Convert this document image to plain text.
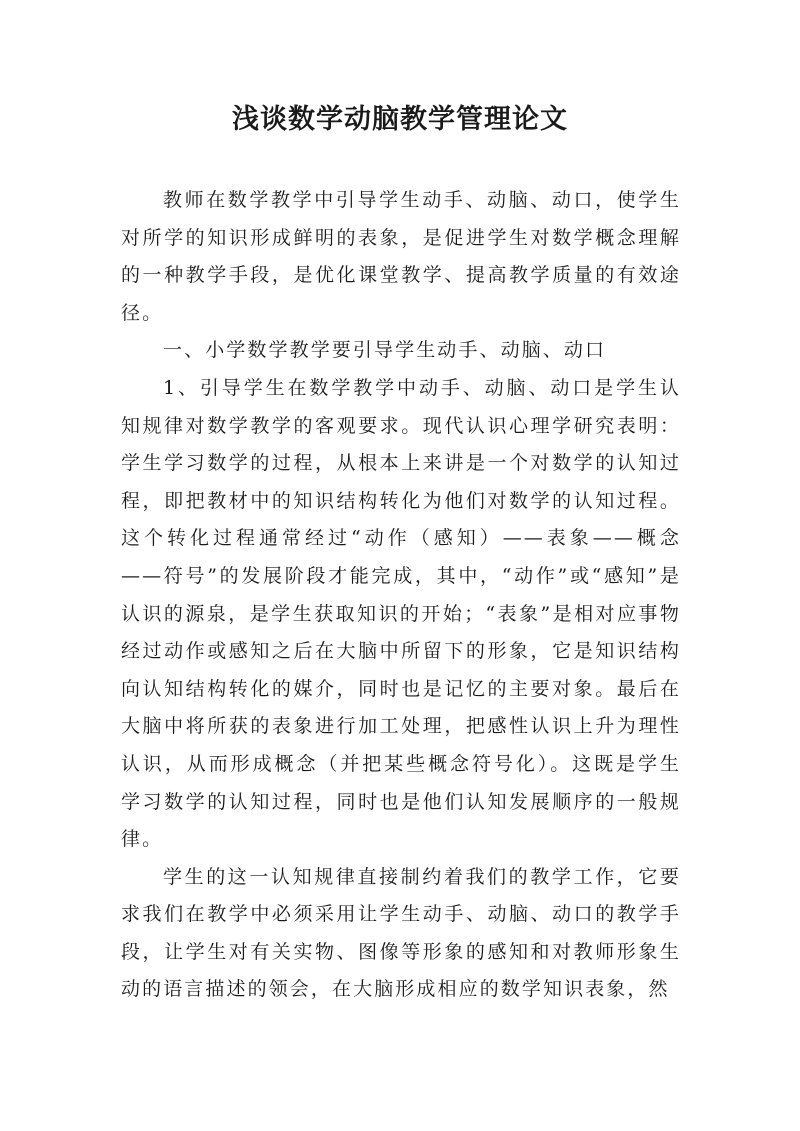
浅谈数学动脑教学管理论文

教师在数学教学中引导学生动手、动脑、动口，使学生对所学的知识形成鲜明的表象，是促进学生对数学概念理解的一种教学手段，是优化课堂教学、提高教学质量的有效途径。

一、小学数学教学要引导学生动手、动脑、动口

1、引导学生在数学教学中动手、动脑、动口是学生认知规律对数学教学的客观要求。现代认识心理学研究表明：学生学习数学的过程，从根本上来讲是一个对数学的认知过程，即把教材中的知识结构转化为他们对数学的认知过程。这个转化过程通常经过“动作（感知）——表象——概念——符号”的发展阶段才能完成，其中，“动作”或“感知”是认识的源泉，是学生获取知识的开始；“表象”是相对应事物经过动作或感知之后在大脑中所留下的形象，它是知识结构向认知结构转化的媒介，同时也是记忆的主要对象。最后在大脑中将所获的表象进行加工处理，把感性认识上升为理性认识，从而形成概念（并把某些概念符号化）。这既是学生学习数学的认知过程，同时也是他们认知发展顺序的一般规律。

学生的这一认知规律直接制约着我们的教学工作，它要求我们在教学中必须采用让学生动手、动脑、动口的教学手段，让学生对有关实物、图像等形象的感知和对教师形象生动的语言描述的领会，在大脑形成相应的数学知识表象，然
